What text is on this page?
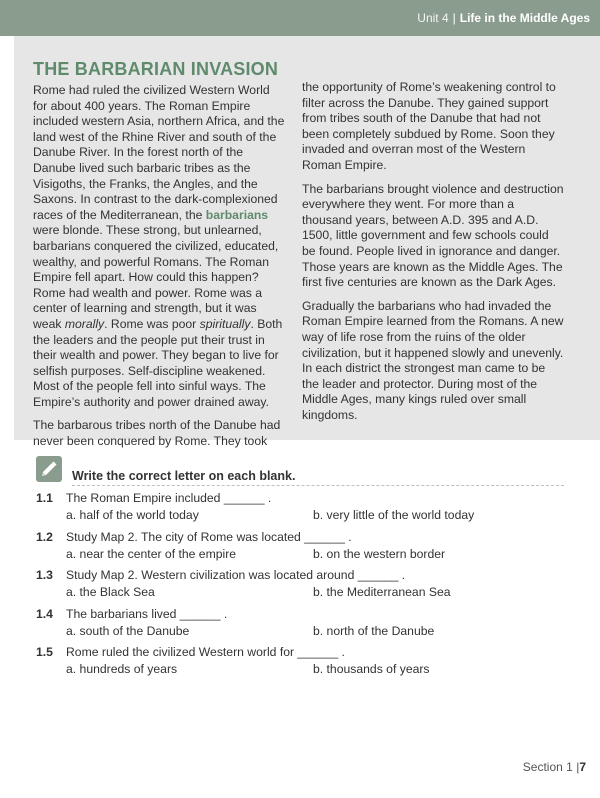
Unit 4 | Life in the Middle Ages
THE BARBARIAN INVASION

Rome had ruled the civilized Western World for about 400 years. The Roman Empire included western Asia, northern Africa, and the land west of the Rhine River and south of the Danube River. In the forest north of the Danube lived such barbaric tribes as the Visigoths, the Franks, the Angles, and the Saxons. In contrast to the dark-complexioned races of the Mediterranean, the barbarians were blonde. These strong, but unlearned, barbarians conquered the civilized, educated, wealthy, and powerful Romans. The Roman Empire fell apart. How could this happen? Rome had wealth and power. Rome was a center of learning and strength, but it was weak morally. Rome was poor spiritually. Both the leaders and the people put their trust in their wealth and power. They began to live for selfish purposes. Self-discipline weakened. Most of the people fell into sinful ways. The Empire’s authority and power drained away.

The barbarous tribes north of the Danube had never been conquered by Rome. They took

the opportunity of Rome’s weakening control to filter across the Danube. They gained support from tribes south of the Danube that had not been completely subdued by Rome. Soon they invaded and overran most of the Western Roman Empire.

The barbarians brought violence and destruction everywhere they went. For more than a thousand years, between A.D. 395 and A.D. 1500, little government and few schools could be found. People lived in ignorance and danger. Those years are known as the Middle Ages. The first five centuries are known as the Dark Ages.

Gradually the barbarians who had invaded the Roman Empire learned from the Romans. A new way of life rose from the ruins of the older civilization, but it happened slowly and unevenly. In each district the strongest man came to be the leader and protector. During most of the Middle Ages, many kings ruled over small kingdoms.

Write the correct letter on each blank.
1.1 The Roman Empire included ______ .
a. half of the world today	b. very little of the world today
1.2 Study Map 2. The city of Rome was located ______ .
a. near the center of the empire	b. on the western border
1.3 Study Map 2. Western civilization was located around ______ .
a. the Black Sea	b. the Mediterranean Sea
1.4 The barbarians lived ______ .
a. south of the Danube	b. north of the Danube
1.5 Rome ruled the civilized Western world for ______ .
a. hundreds of years	b. thousands of years
Section 1 |7
